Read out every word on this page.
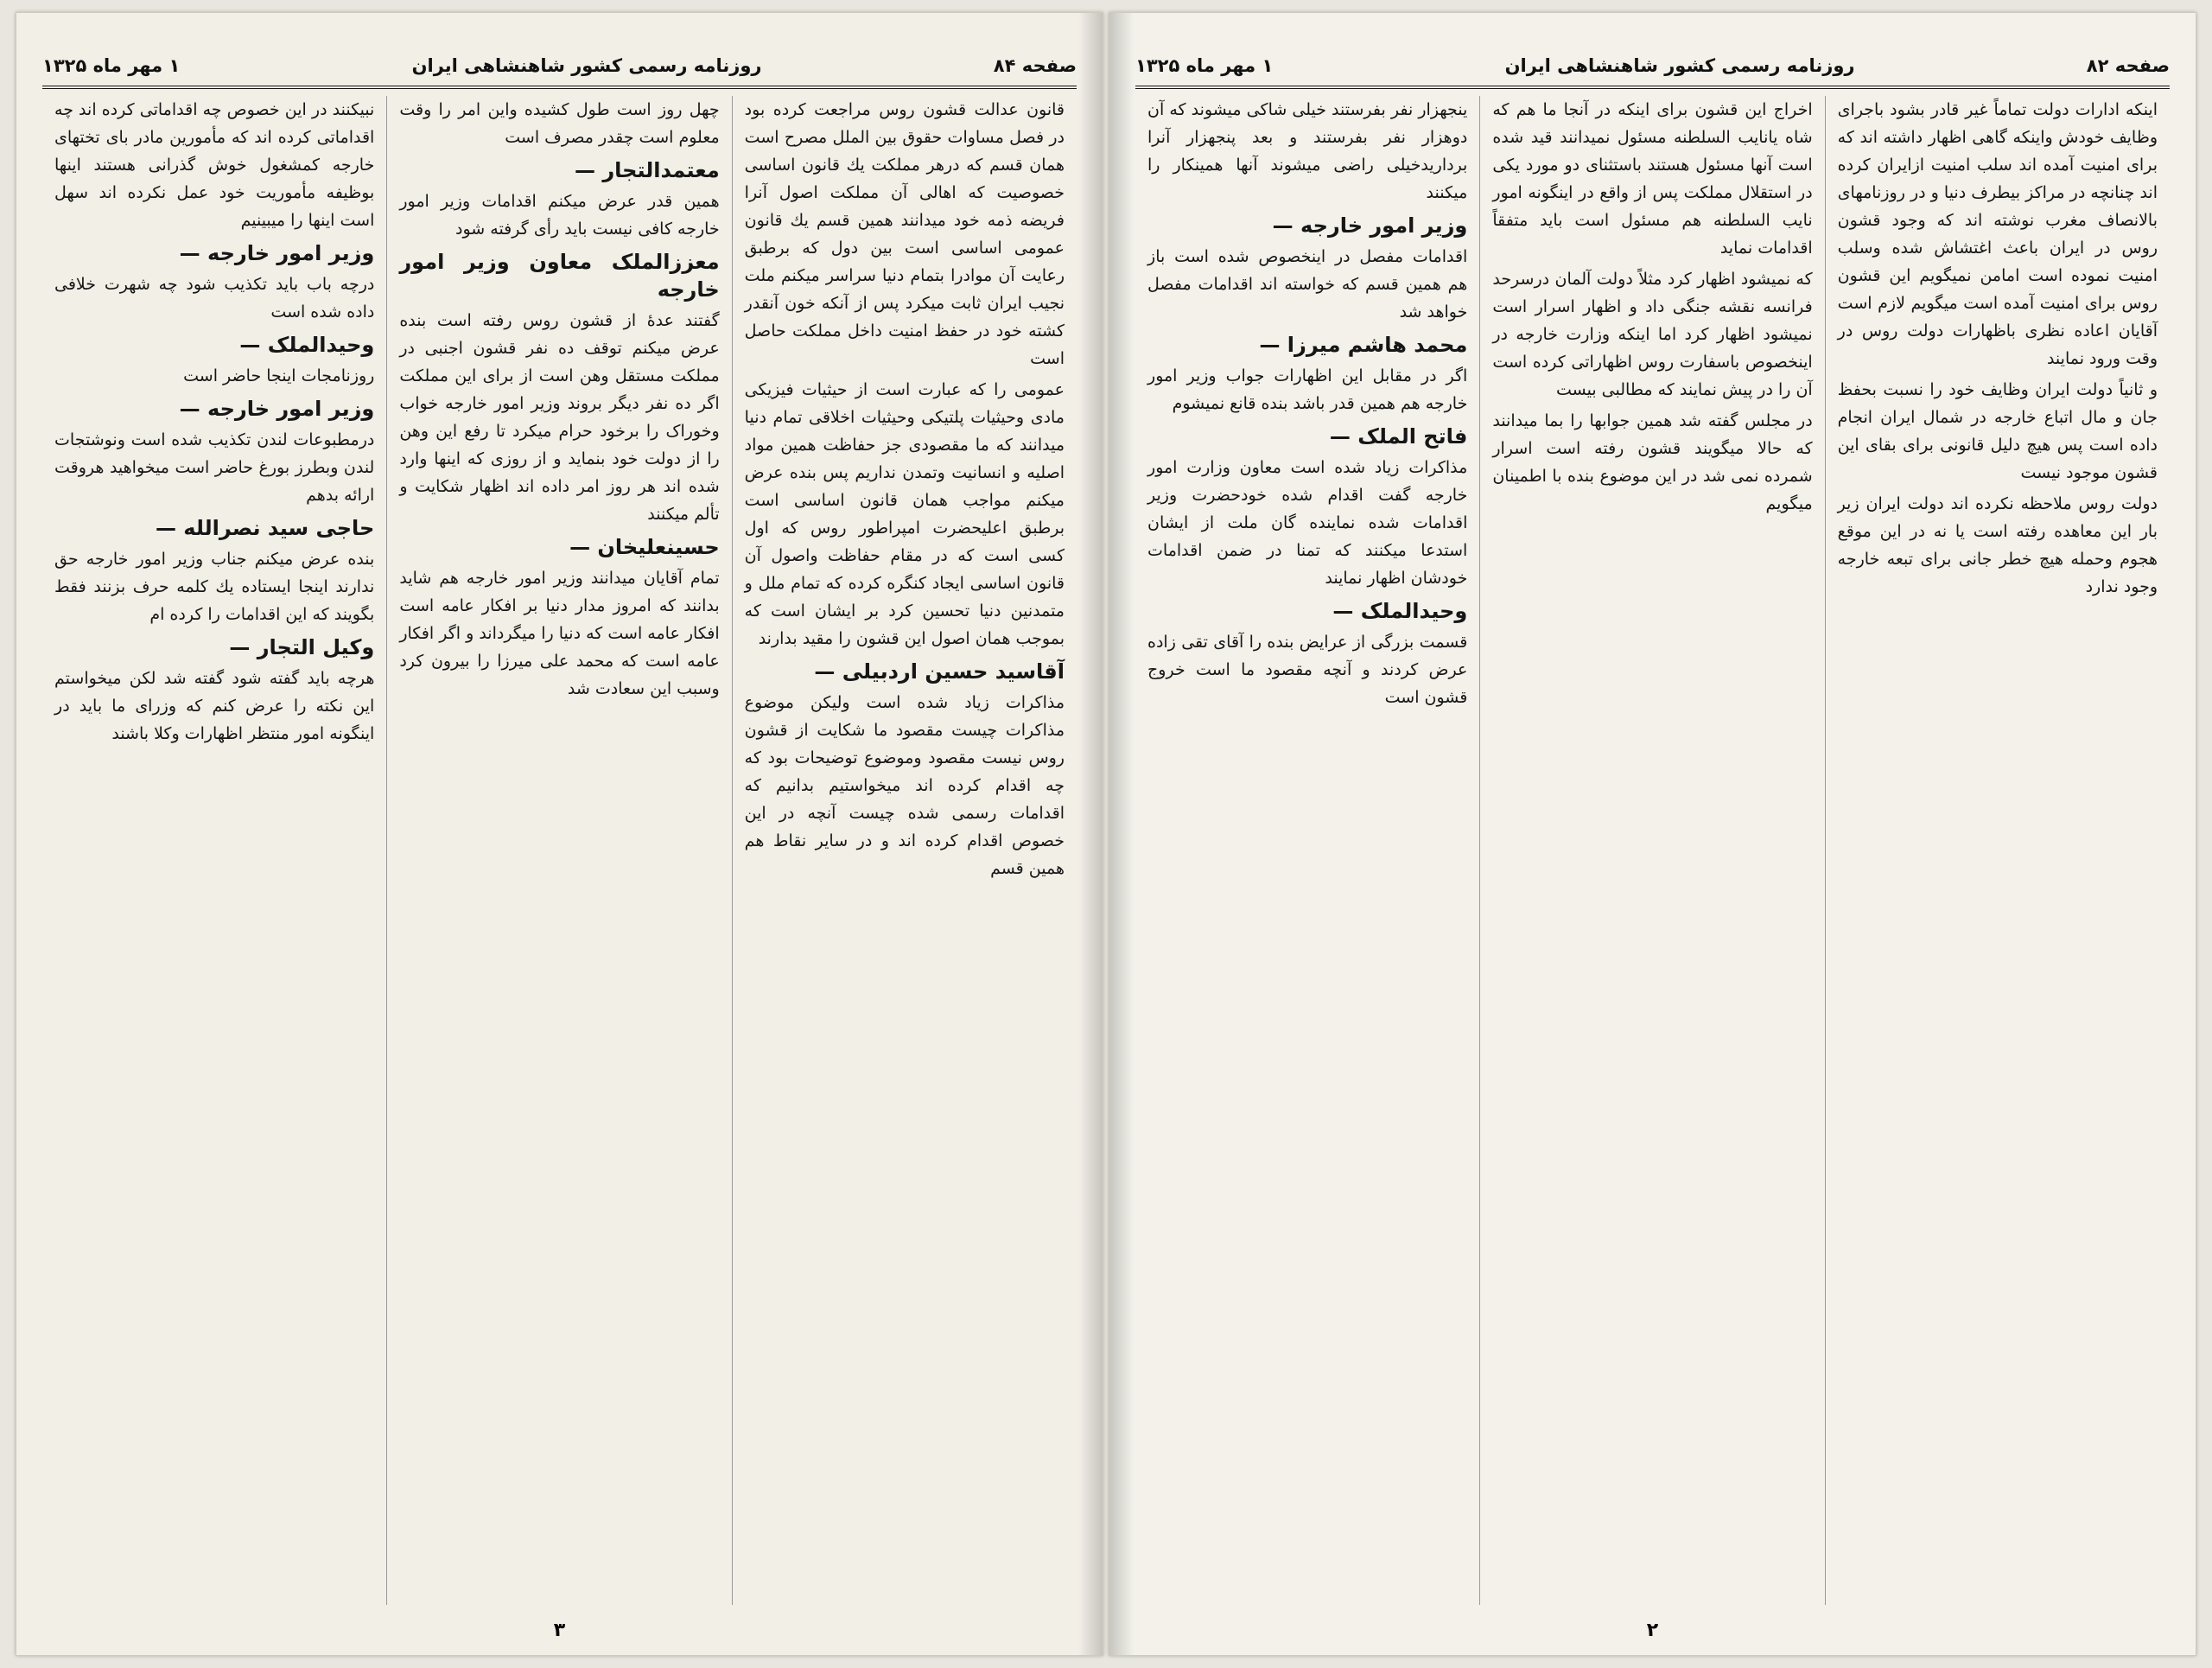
صفحه ۸۴
روزنامه رسمی کشور شاهنشاهی ایران
۱ مهر ماه ۱۳۲۵

قانون عدالت قشون روس مراجعت کرده بود در فصل مساوات حقوق بین الملل مصرح است همان قسم که درهر مملکت یك قانون اساسی خصوصیت که اهالی آن مملکت اصول آنرا فریضه ذمه خود میدانند همین قسم یك قانون عمومی اساسی است بین دول که برطبق رعایت آن موادرا بتمام دنیا سراسر میکنم ملت نجیب ایران ثابت میکرد پس از آنکه خون آنقدر کشته خود در حفظ امنیت داخل مملکت حاصل است

عمومی را که عبارت است از حیثیات فیزیکی مادی وحیثیات پلتیکی وحیثیات اخلاقی تمام دنیا میدانند که ما مقصودی جز حفاظت همین مواد اصلیه و انسانیت وتمدن نداریم پس بنده عرض میکنم مواجب همان قانون اساسی است برطبق اعلیحضرت امپراطور روس که اول کسی است که در مقام حفاظت واصول آن قانون اساسی ایجاد کنگره کرده که تمام ملل و متمدنین دنیا تحسین کرد بر ایشان است که بموجب همان اصول این قشون را مقید بدارند

آقاسید حسین اردبیلی —

مذاکرات زیاد شده است ولیکن موضوع مذاکرات چیست مقصود ما شکایت از قشون روس نیست مقصود وموضوع توضیحات بود که چه اقدام کرده اند میخواستیم بدانیم که اقدامات رسمی شده چیست آنچه در این خصوص اقدام کرده اند و در سایر نقاط هم همین قسم

چهل روز است طول کشیده واین امر را وقت معلوم است چقدر مصرف است

معتمدالتجار —

همین قدر عرض میکنم اقدامات وزیر امور خارجه کافی نیست باید رأی گرفته شود

معززالملک معاون وزیر امور خارجه

گفتند عدهٔ از قشون روس رفته است بنده عرض میکنم توقف ده نفر قشون اجنبی در مملکت مستقل وهن است از برای این مملکت اگر ده نفر دیگر بروند وزیر امور خارجه خواب وخوراک را برخود حرام میکرد تا رفع این وهن را از دولت خود بنماید و از روزی که اینها وارد شده اند هر روز امر داده اند اظهار شکایت و تألم میکنند

حسینعلیخان —

تمام آقایان میدانند وزیر امور خارجه هم شاید بدانند که امروز مدار دنیا بر افکار عامه است افکار عامه است که دنیا را میگرداند و اگر افکار عامه است که محمد علی میرزا را بیرون کرد وسبب این سعادت شد

نبیکنند در این خصوص چه اقداماتی کرده اند چه اقداماتی کرده اند که مأمورین مادر بای تختهای خارجه کمشغول خوش گذرانی هستند اینها بوظیفه مأموریت خود عمل نکرده اند سهل است اینها را میبینیم

وزیر امور خارجه —

درچه باب باید تکذیب شود چه شهرت خلافی داده شده است

وحیدالملک —

روزنامجات اینجا حاضر است

وزیر امور خارجه —

درمطبوعات لندن تکذیب شده است ونوشتجات لندن وبطرز بورغ حاضر است میخواهید هروقت ارائه بدهم

حاجی سید نصرالله —

بنده عرض میکنم جناب وزیر امور خارجه حق ندارند اینجا ایستاده یك کلمه حرف بزنند فقط بگویند که این اقدامات را کرده ام

وکیل التجار —

هرچه باید گفته شود گفته شد لکن میخواستم این نکته را عرض کنم که وزرای ما باید در اینگونه امور منتظر اظهارات وکلا باشند

۳
صفحه ۸۲
روزنامه رسمی کشور شاهنشاهی ایران
۱ مهر ماه ۱۳۲۵

اینکه ادارات دولت تماماً غیر قادر بشود باجرای وظایف خودش واینکه گاهی اظهار داشته اند که برای امنیت آمده اند سلب امنیت ازایران کرده اند چنانچه در مراکز بیطرف دنیا و در روزنامهای بالانصاف مغرب نوشته اند که وجود قشون روس در ایران باعث اغتشاش شده وسلب امنیت نموده است امامن نمیگویم این قشون روس برای امنیت آمده است میگویم لازم است آقایان اعاده نظری باظهارات دولت روس در وقت ورود نمایند

و ثانیاً دولت ایران وظایف خود را نسبت بحفظ جان و مال اتباع خارجه در شمال ایران انجام داده است پس هیچ دلیل قانونی برای بقای این قشون موجود نیست

دولت روس ملاحظه نکرده اند دولت ایران زیر بار این معاهده رفته است یا نه در این موقع هجوم وحمله هیچ خطر جانی برای تبعه خارجه وجود ندارد

اخراج این قشون برای اینکه در آنجا ما هم که شاه یانایب السلطنه مسئول نمیدانند قید شده است آنها مسئول هستند باستثنای دو مورد یکی در استقلال مملکت پس از واقع در اینگونه امور نایب السلطنه هم مسئول است باید متفقاً اقدامات نماید

که نمیشود اظهار کرد مثلاً دولت آلمان درسرحد فرانسه نقشه جنگی داد و اظهار اسرار است نمیشود اظهار کرد اما اینکه وزارت خارجه در اینخصوص باسفارت روس اظهاراتی کرده است آن را در پیش نمایند که مطالبی بیست

در مجلس گفته شد همین جوابها را بما میدانند که حالا میگویند قشون رفته است اسرار شمرده نمی شد در این موضوع بنده با اطمینان میگویم

ینجهزار نفر بفرستند خیلی شاکی میشوند که آن دوهزار نفر بفرستند و بعد پنجهزار آنرا برداریدخیلی راضی میشوند آنها همینکار را میکنند

وزیر امور خارجه —

اقدامات مفصل در اینخصوص شده است باز هم همین قسم که خواسته اند اقدامات مفصل خواهد شد

محمد هاشم میرزا —

اگر در مقابل این اظهارات جواب وزیر امور خارجه هم همین قدر باشد بنده قانع نمیشوم

فاتح الملک —

مذاکرات زیاد شده است معاون وزارت امور خارجه گفت اقدام شده خودحضرت وزیر اقدامات شده نماینده گان ملت از ایشان استدعا میکنند که تمنا در ضمن اقدامات خودشان اظهار نمایند

وحیدالملک —

قسمت بزرگی از عرایض بنده را آقای تقی زاده عرض کردند و آنچه مقصود ما است خروج قشون است

۲
